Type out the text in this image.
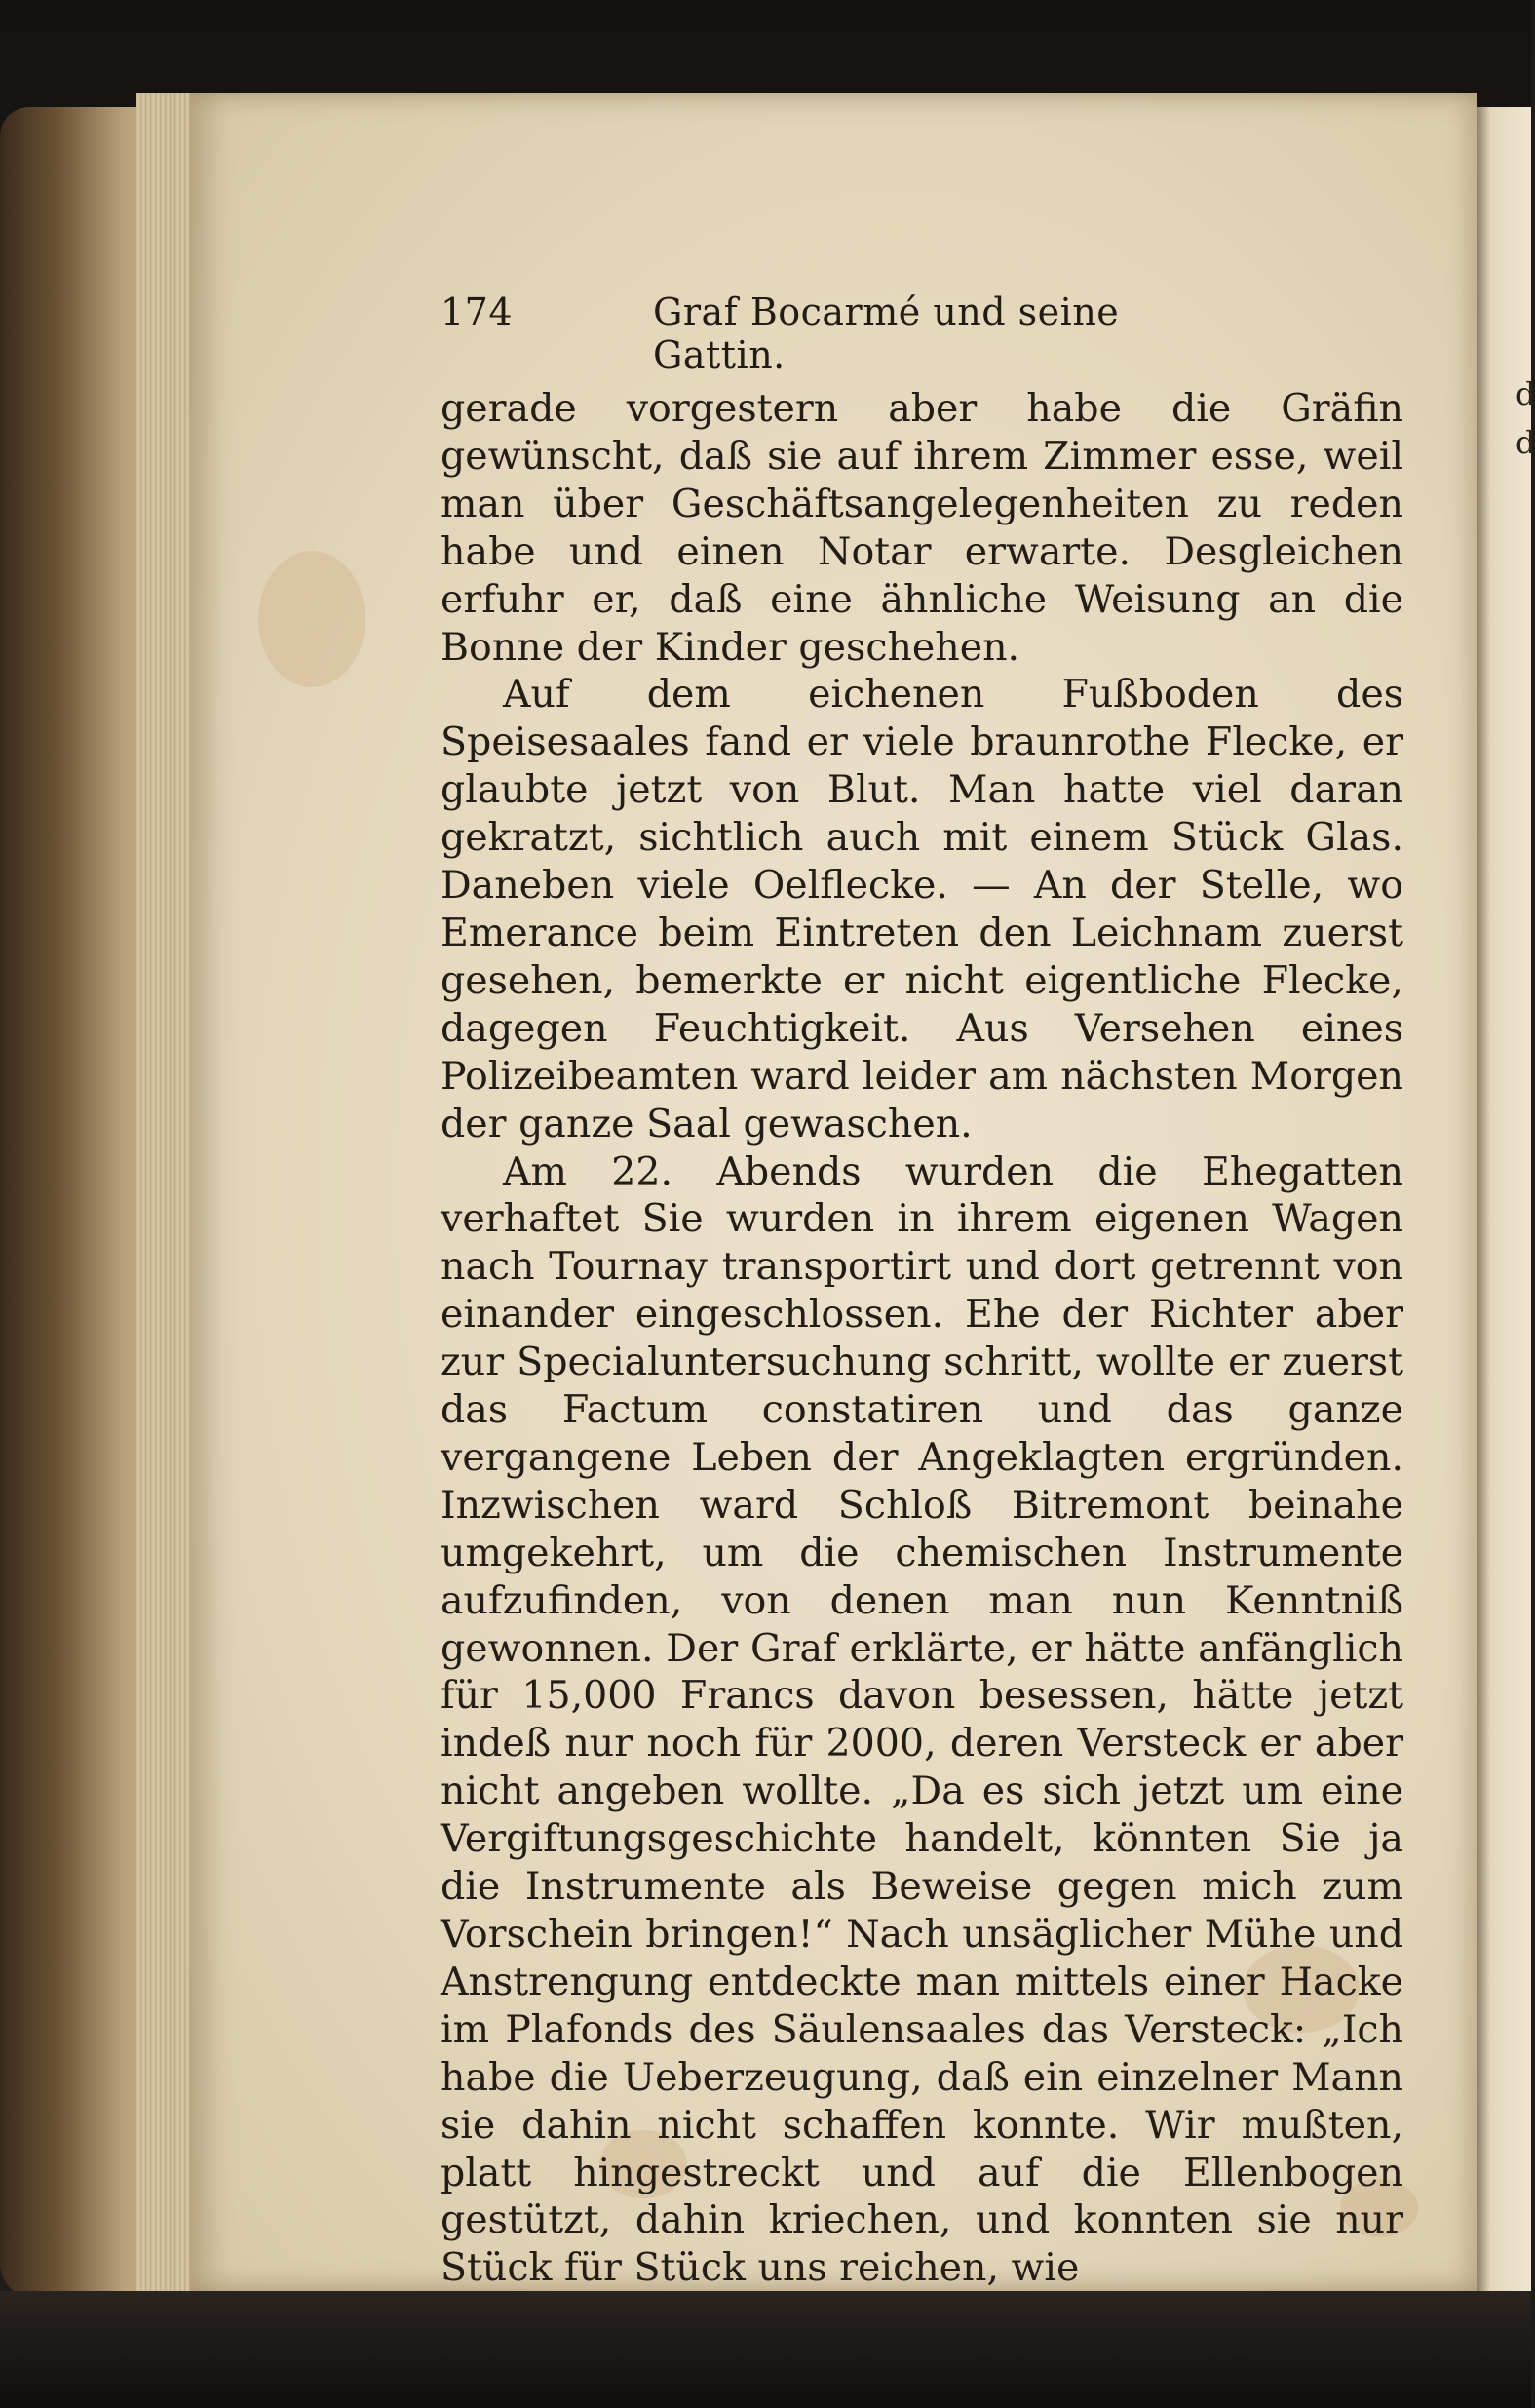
d
d
174	Graf Bocarmé und seine Gattin.

gerade vorgestern aber habe die Gräfin gewünscht, daß sie auf ihrem Zimmer esse, weil man über Geschäftsangelegenheiten zu reden habe und einen Notar erwarte. Desgleichen erfuhr er, daß eine ähnliche Weisung an die Bonne der Kinder geschehen.

Auf dem eichenen Fußboden des Speisesaales fand er viele braunrothe Flecke, er glaubte jetzt von Blut. Man hatte viel daran gekratzt, sichtlich auch mit einem Stück Glas. Daneben viele Oelflecke. — An der Stelle, wo Emerance beim Eintreten den Leichnam zuerst gesehen, bemerkte er nicht eigentliche Flecke, dagegen Feuchtigkeit. Aus Versehen eines Polizeibeamten ward leider am nächsten Morgen der ganze Saal gewaschen.

Am 22. Abends wurden die Ehegatten verhaftet Sie wurden in ihrem eigenen Wagen nach Tournay transportirt und dort getrennt von einander eingeschlossen. Ehe der Richter aber zur Specialuntersuchung schritt, wollte er zuerst das Factum constatiren und das ganze vergangene Leben der Angeklagten ergründen. Inzwischen ward Schloß Bitremont beinahe umgekehrt, um die chemischen Instrumente aufzufinden, von denen man nun Kenntniß gewonnen. Der Graf erklärte, er hätte anfänglich für 15,000 Francs davon besessen, hätte jetzt indeß nur noch für 2000, deren Versteck er aber nicht angeben wollte. „Da es sich jetzt um eine Vergiftungsgeschichte handelt, könnten Sie ja die Instrumente als Beweise gegen mich zum Vorschein bringen!“ Nach unsäglicher Mühe und Anstrengung entdeckte man mittels einer Hacke im Plafonds des Säulensaales das Versteck: „Ich habe die Ueberzeugung, daß ein einzelner Mann sie dahin nicht schaffen konnte. Wir mußten, platt hingestreckt und auf die Ellenbogen gestützt, dahin kriechen, und konnten sie nur Stück für Stück uns reichen, wie
